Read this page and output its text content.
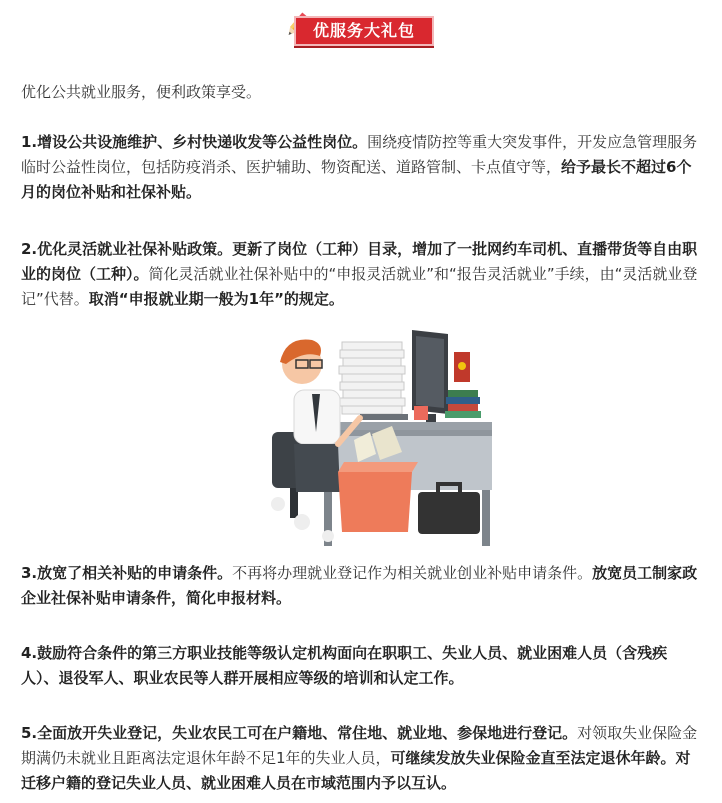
优服务大礼包

优化公共就业服务，便利政策享受。

1.增设公共设施维护、乡村快递收发等公益性岗位。围绕疫情防控等重大突发事件，开发应急管理服务临时公益性岗位，包括防疫消杀、医护辅助、物资配送、道路管制、卡点值守等，给予最长不超过6个月的岗位补贴和社保补贴。

2.优化灵活就业社保补贴政策。更新了岗位（工种）目录，增加了一批网约车司机、直播带货等自由职业的岗位（工种）。简化灵活就业社保补贴中的“申报灵活就业”和“报告灵活就业”手续，由“灵活就业登记”代替。取消“申报就业期一般为1年”的规定。

3.放宽了相关补贴的申请条件。不再将办理就业登记作为相关就业创业补贴申请条件。放宽员工制家政企业社保补贴申请条件，简化申报材料。

4.鼓励符合条件的第三方职业技能等级认定机构面向在职职工、失业人员、就业困难人员（含残疾人）、退役军人、职业农民等人群开展相应等级的培训和认定工作。

5.全面放开失业登记，失业农民工可在户籍地、常住地、就业地、参保地进行登记。对领取失业保险金期满仍未就业且距离法定退休年龄不足1年的失业人员，可继续发放失业保险金直至法定退休年龄。对迁移户籍的登记失业人员、就业困难人员在市域范围内予以互认。
